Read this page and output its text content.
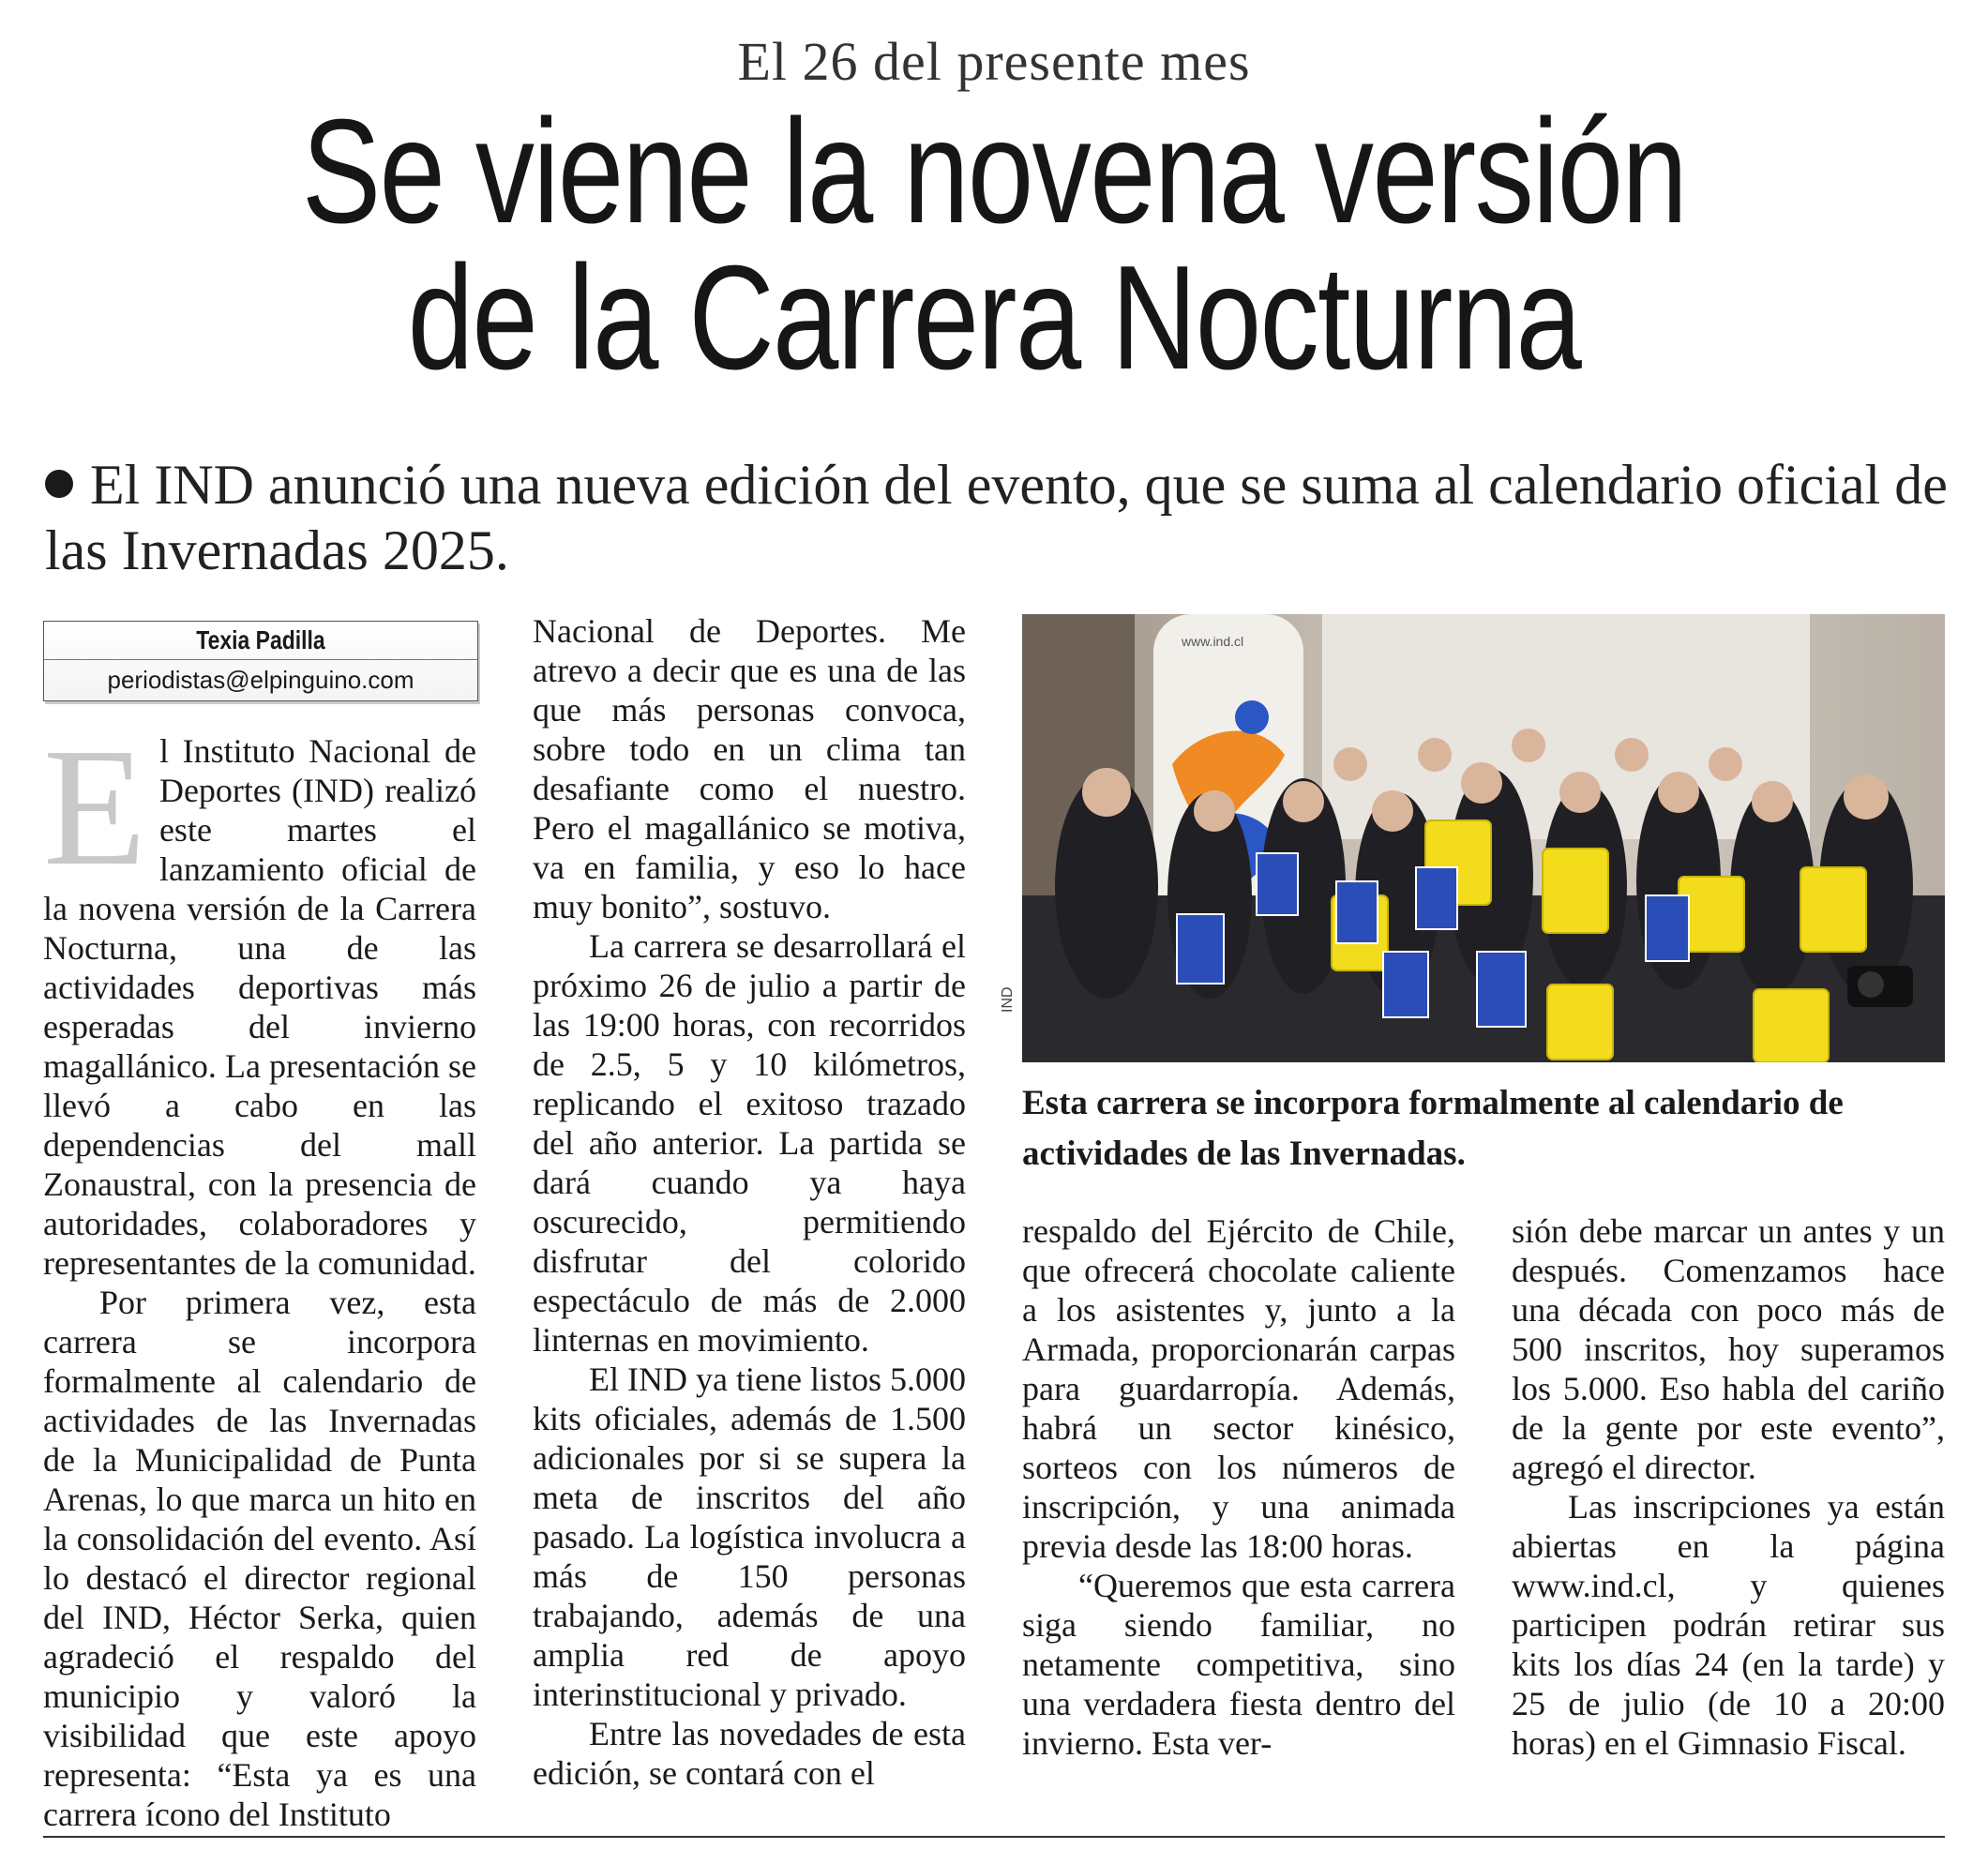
El 26 del presente mes
Se viene la novena versión
de la Carrera Nocturna
El IND anunció una nueva edición del evento, que se suma al calendario oficial de las Invernadas 2025.
Texia Padilla
periodistas@elpinguino.com

El Instituto Nacional de Deportes (IND) realizó este martes el lanzamiento oficial de la novena versión de la Carrera Nocturna, una de las actividades deportivas más esperadas del invierno magallánico. La presentación se llevó a cabo en las dependencias del mall Zonaustral, con la presencia de autoridades, colaboradores y representantes de la comunidad.

Por primera vez, esta carrera se incorpora formalmente al calendario de actividades de las Invernadas de la Municipalidad de Punta Arenas, lo que marca un hito en la consolidación del evento. Así lo destacó el director regional del IND, Héctor Serka, quien agradeció el respaldo del municipio y valoró la visibilidad que este apoyo representa: “Esta ya es una carrera ícono del Instituto

Nacional de Deportes. Me atrevo a decir que es una de las que más personas convoca, sobre todo en un clima tan desafiante como el nuestro. Pero el magallánico se motiva, va en familia, y eso lo hace muy bonito”, sostuvo.

La carrera se desarrollará el próximo 26 de julio a partir de las 19:00 horas, con recorridos de 2.5, 5 y 10 kilómetros, replicando el exitoso trazado del año anterior. La partida se dará cuando ya haya oscurecido, permitiendo disfrutar del colorido espectáculo de más de 2.000 linternas en movimiento.

El IND ya tiene listos 5.000 kits oficiales, además de 1.500 adicionales por si se supera la meta de inscritos del año pasado. La logística involucra a más de 150 personas trabajando, además de una amplia red de apoyo interinstitucional y privado.

Entre las novedades de esta edición, se contará con el

www.ind.cl
IND
Esta carrera se incorpora formalmente al calendario de actividades de las Invernadas.

respaldo del Ejército de Chile, que ofrecerá chocolate caliente a los asistentes y, junto a la Armada, proporcionarán carpas para guardarropía. Además, habrá un sector kinésico, sorteos con los números de inscripción, y una animada previa desde las 18:00 horas.

“Queremos que esta carrera siga siendo familiar, no netamente competitiva, sino una verdadera fiesta dentro del invierno. Esta ver-

sión debe marcar un antes y un después. Comenzamos hace una década con poco más de 500 inscritos, hoy superamos los 5.000. Eso habla del cariño de la gente por este evento”, agregó el director.

Las inscripciones ya están abiertas en la página www.ind.cl, y quienes participen podrán retirar sus kits los días 24 (en la tarde) y 25 de julio (de 10 a 20:00 horas) en el Gimnasio Fiscal.
